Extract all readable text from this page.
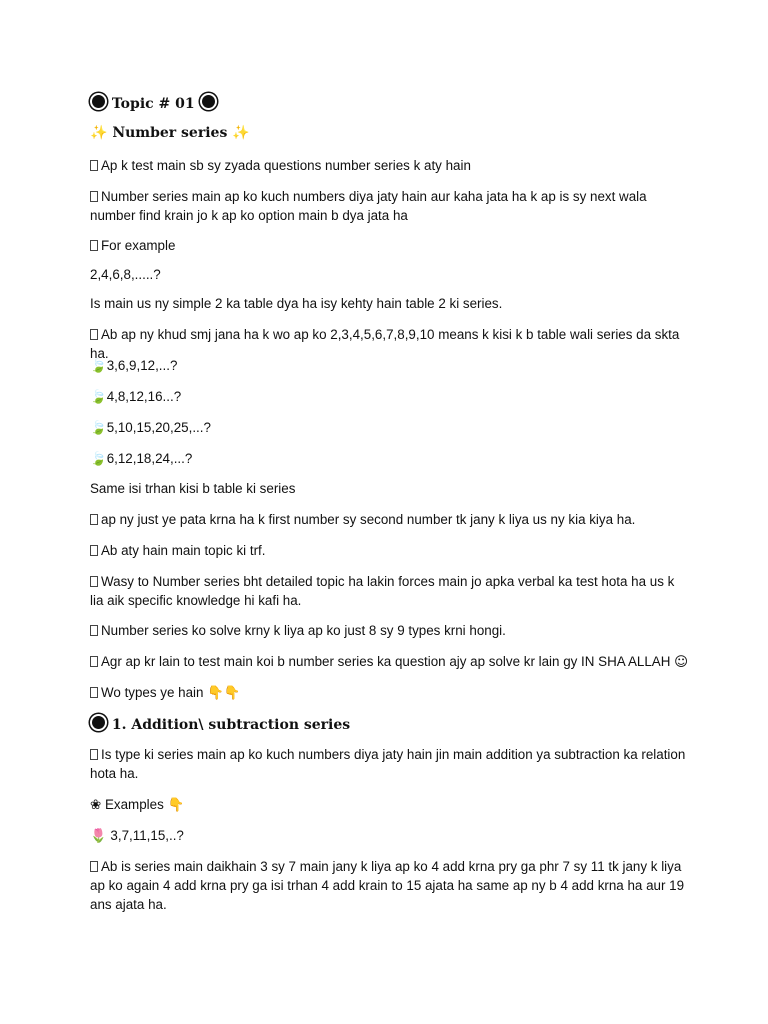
Topic # 01
✨ Number series ✨
Ap k test main sb sy zyada questions number series k aty hain
Number series main ap ko kuch numbers diya jaty hain aur kaha jata ha k ap is sy next wala number find krain jo k ap ko option main b dya jata ha
For example
2,4,6,8,.....?
Is main us ny simple 2 ka table dya ha isy kehty hain table 2 ki series.
Ab ap ny khud smj jana ha k wo ap ko 2,3,4,5,6,7,8,9,10 means k kisi k b table wali series da skta ha.
🍃3,6,9,12,...?
🍃4,8,12,16...?
🍃5,10,15,20,25,...?
🍃6,12,18,24,...?
Same isi trhan kisi b table ki series
ap ny just ye pata krna ha k first number sy second number tk jany k liya us ny kia kiya ha.
Ab aty hain main topic ki trf.
Wasy to Number series bht detailed topic ha lakin forces main jo apka verbal ka test hota ha us k lia aik specific knowledge hi kafi ha.
Number series ko solve krny k liya ap ko just 8 sy 9 types krni hongi.
Agr ap kr lain to test main koi b number series ka question ajy ap solve kr lain gy IN SHA ALLAH ☺
Wo types ye hain 👇👇
1. Addition\ subtraction series
Is type ki series main ap ko kuch numbers diya jaty hain jin main addition ya subtraction ka relation hota ha.
❀ Examples 👇
🌷 3,7,11,15,..?
Ab is series main daikhain 3 sy 7 main jany k liya ap ko 4 add krna pry ga phr 7 sy 11 tk jany k liya ap ko again 4 add krna pry ga isi trhan 4 add krain to 15 ajata ha same ap ny b 4 add krna ha aur 19 ans ajata ha.
